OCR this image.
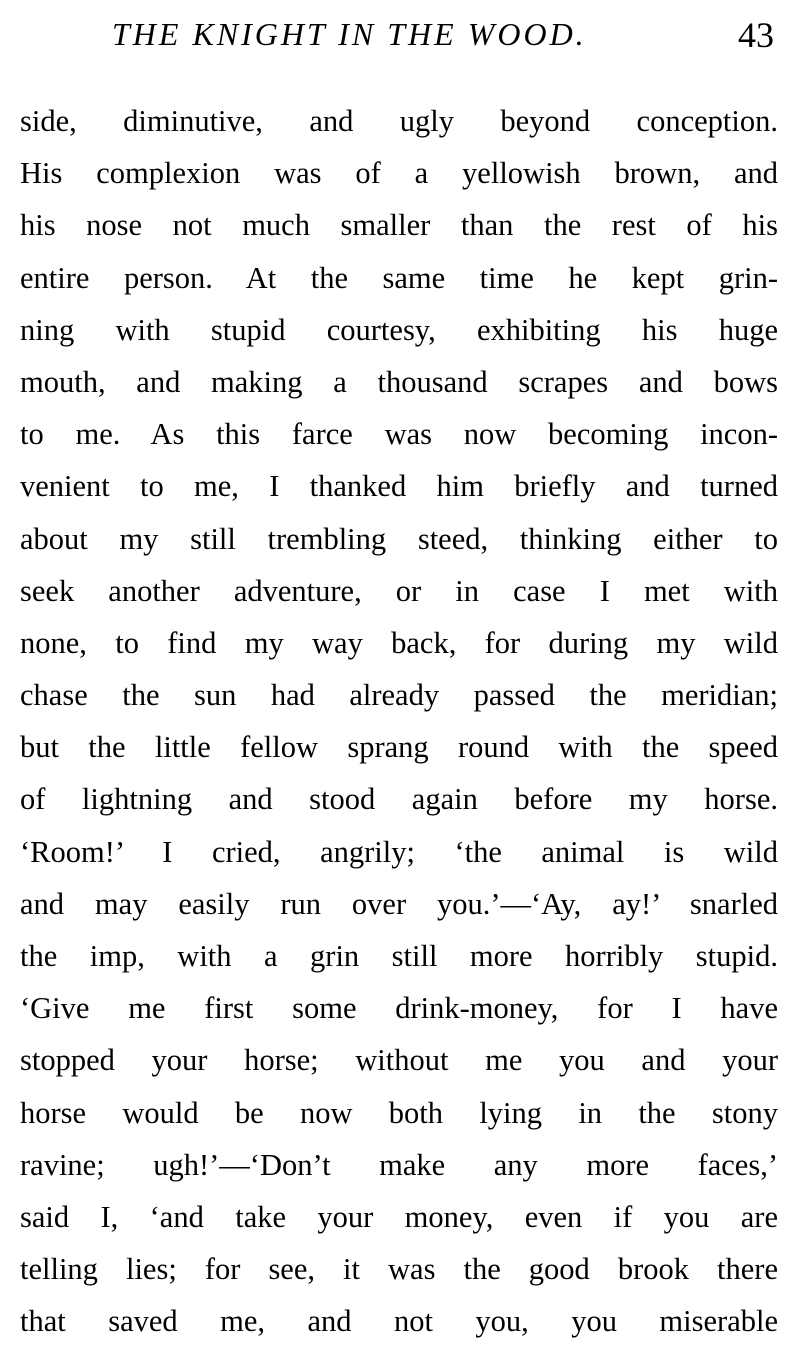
THE KNIGHT IN THE WOOD.	43
side, diminutive, and ugly beyond conception.
His complexion was of a yellowish brown, and
his nose not much smaller than the rest of his
entire person. At the same time he kept grin-
ning with stupid courtesy, exhibiting his huge
mouth, and making a thousand scrapes and bows
to me. As this farce was now becoming incon-
venient to me, I thanked him briefly and turned
about my still trembling steed, thinking either to
seek another adventure, or in case I met with
none, to find my way back, for during my wild
chase the sun had already passed the meridian;
but the little fellow sprang round with the speed
of lightning and stood again before my horse.
‘Room!’ I cried, angrily; ‘the animal is wild
and may easily run over you.’—‘Ay, ay!’ snarled
the imp, with a grin still more horribly stupid.
‘Give me first some drink-money, for I have
stopped your horse; without me you and your
horse would be now both lying in the stony
ravine; ugh!’—‘Don’t make any more faces,’
said I, ‘and take your money, even if you are
telling lies; for see, it was the good brook there
that saved me, and not you, you miserable
